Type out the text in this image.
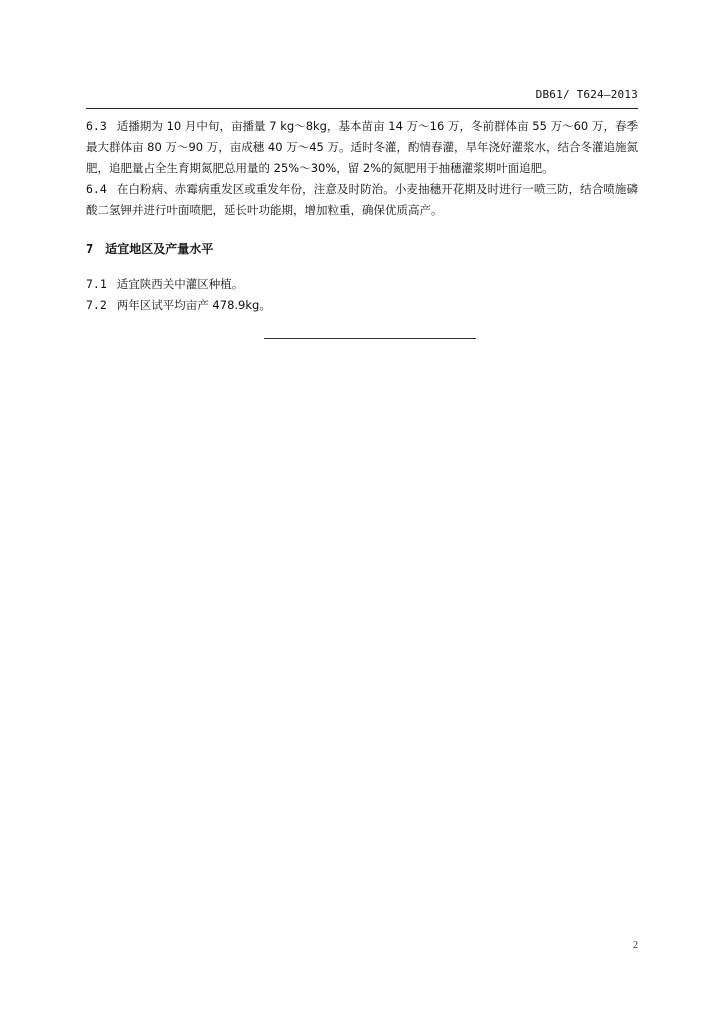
DB61/ T624—2013

6.3 适播期为 10 月中旬，亩播量 7 kg～8kg，基本苗亩 14 万～16 万，冬前群体亩 55 万～60 万，春季最大群体亩 80 万～90 万，亩成穗 40 万～45 万。适时冬灌，酌情春灌，旱年浇好灌浆水，结合冬灌追施氮肥，追肥量占全生育期氮肥总用量的 25%～30%，留 2%的氮肥用于抽穗灌浆期叶面追肥。

6.4 在白粉病、赤霉病重发区或重发年份，注意及时防治。小麦抽穗开花期及时进行一喷三防，结合喷施磷酸二氢钾并进行叶面喷肥，延长叶功能期，增加粒重，确保优质高产。

7 适宜地区及产量水平

7.1 适宜陕西关中灌区种植。

7.2 两年区试平均亩产 478.9kg。

2
